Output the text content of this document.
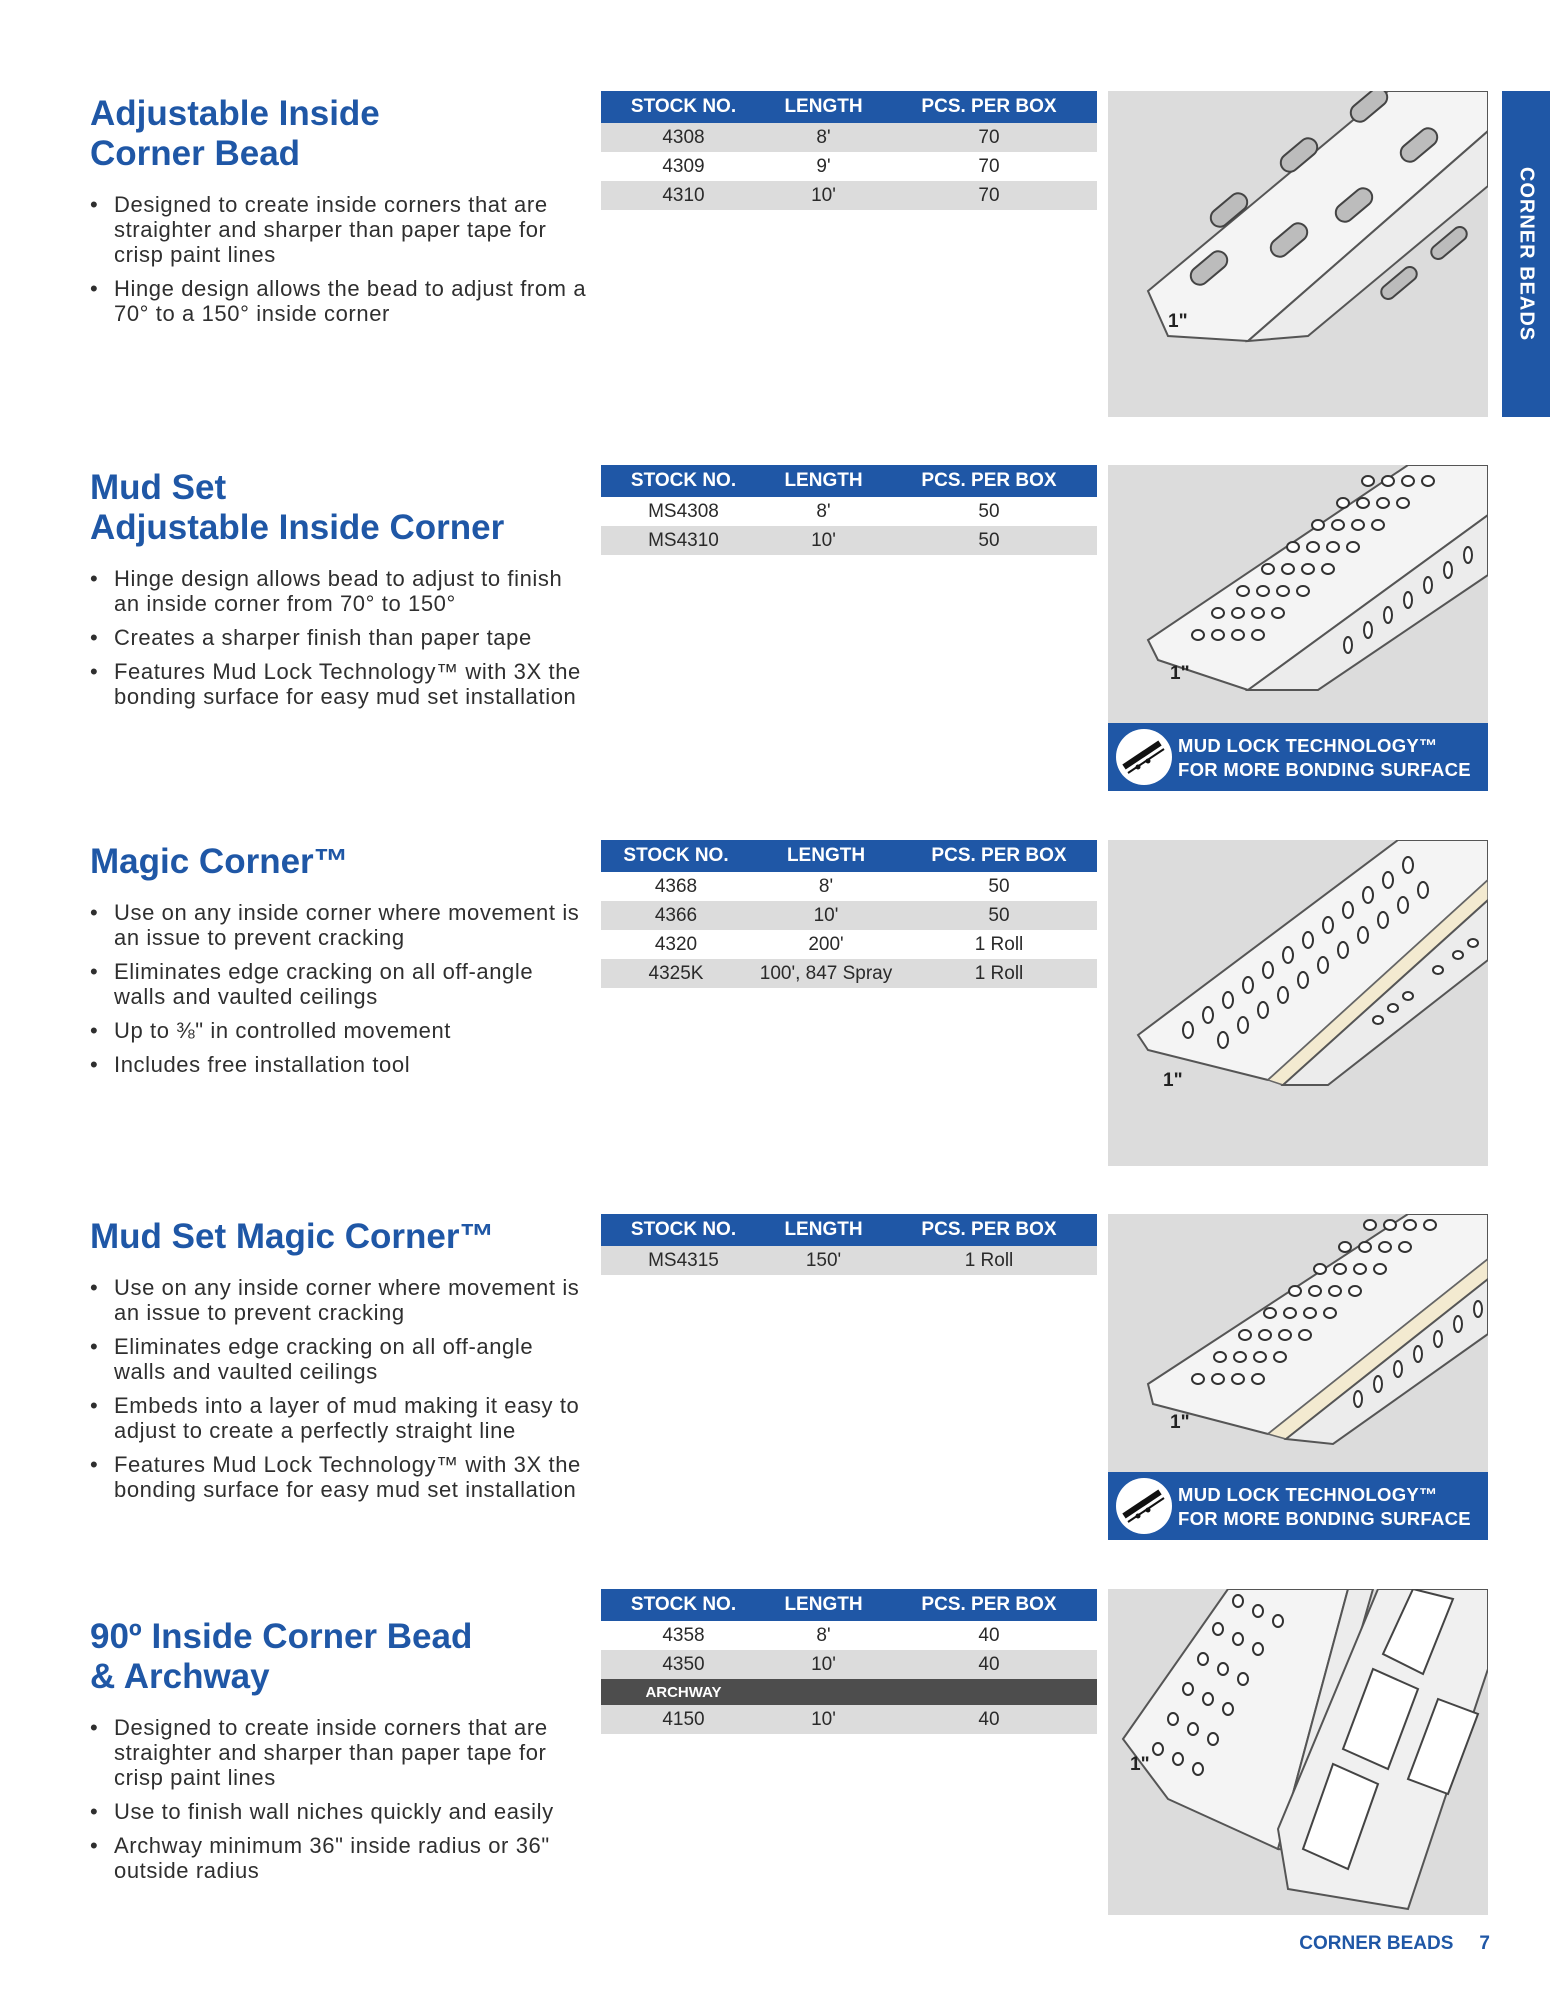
CORNER BEADS
Adjustable Inside
Corner Bead
• Designed to create inside corners that are straighter and sharper than paper tape for crisp paint lines
• Hinge design allows the bead to adjust from a 70° to a 150° inside corner
STOCK NO.	LENGTH	PCS. PER BOX
4308	8'	70
4309	9'	70
4310	10'	70
1"
Mud Set
Adjustable Inside Corner
• Hinge design allows bead to adjust to finish an inside corner from 70° to 150°
• Creates a sharper finish than paper tape
• Features Mud Lock Technology™ with 3X the bonding surface for easy mud set installation
STOCK NO.	LENGTH	PCS. PER BOX
MS4308	8'	50
MS4310	10'	50
1"
MUD LOCK TECHNOLOGY™
FOR MORE BONDING SURFACE
Magic Corner™
• Use on any inside corner where movement is an issue to prevent cracking
• Eliminates edge cracking on all off-angle walls and vaulted ceilings
• Up to ⅜" in controlled movement
• Includes free installation tool
STOCK NO.	LENGTH	PCS. PER BOX
4368	8'	50
4366	10'	50
4320	200'	1 Roll
4325K	100', 847 Spray	1 Roll
1"
Mud Set Magic Corner™
• Use on any inside corner where movement is an issue to prevent cracking
• Eliminates edge cracking on all off-angle walls and vaulted ceilings
• Embeds into a layer of mud making it easy to adjust to create a perfectly straight line
• Features Mud Lock Technology™ with 3X the bonding surface for easy mud set installation
STOCK NO.	LENGTH	PCS. PER BOX
MS4315	150'	1 Roll
1"
MUD LOCK TECHNOLOGY™
FOR MORE BONDING SURFACE
90º Inside Corner Bead
& Archway
• Designed to create inside corners that are straighter and sharper than paper tape for crisp paint lines
• Use to finish wall niches quickly and easily
• Archway minimum 36" inside radius or 36" outside radius
STOCK NO.	LENGTH	PCS. PER BOX
4358	8'	40
4350	10'	40
ARCHWAY		
4150	10'	40
1"
CORNER BEADS 7
